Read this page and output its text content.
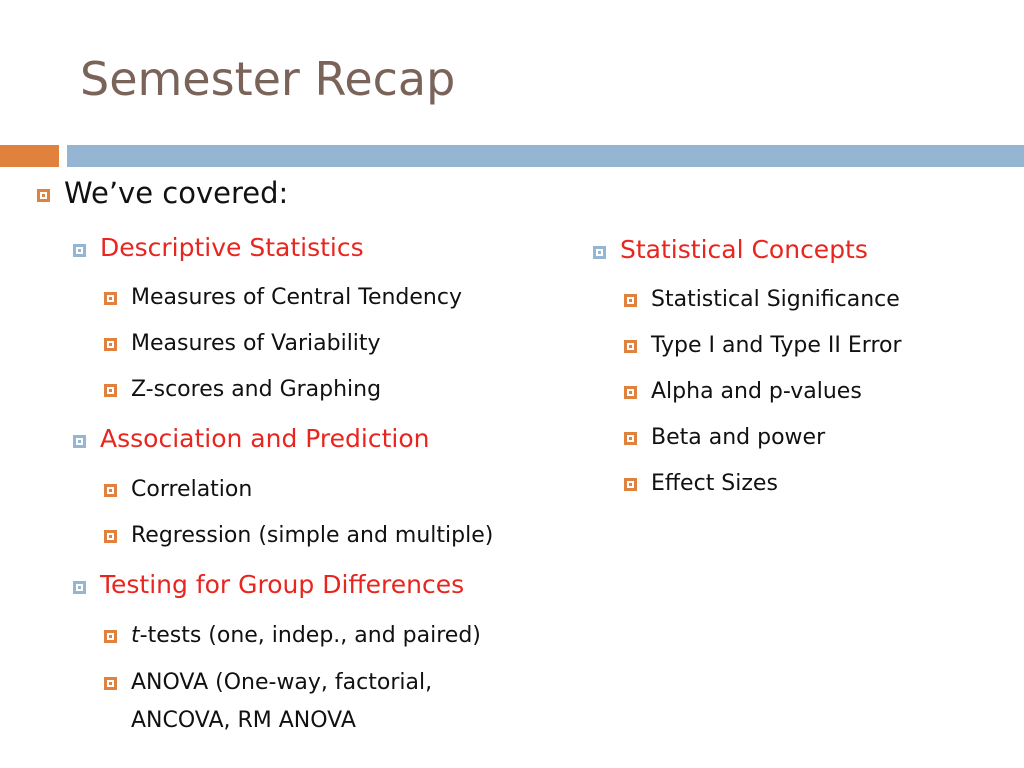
Semester Recap
We’ve covered:
Descriptive Statistics
Measures of Central Tendency
Measures of Variability
Z-scores and Graphing
Association and Prediction
Correlation
Regression (simple and multiple)
Testing for Group Differences
t-tests (one, indep., and paired)
ANOVA (One-way, factorial,
ANCOVA, RM ANOVA
Statistical Concepts
Statistical Significance
Type I and Type II Error
Alpha and p-values
Beta and power
Effect Sizes
